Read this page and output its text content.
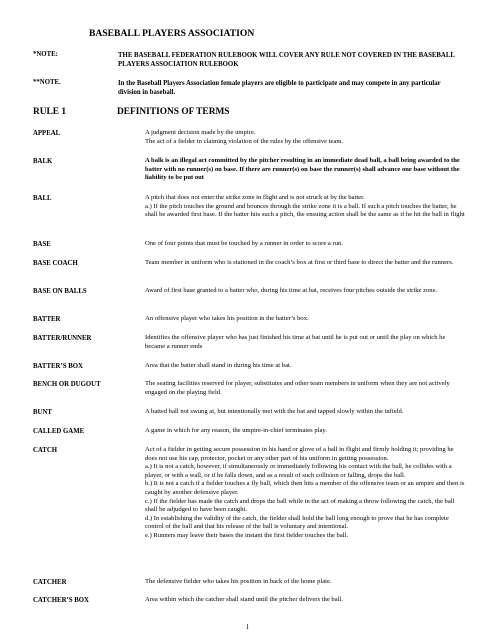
BASEBALL PLAYERS ASSOCIATION
*NOTE:	THE BASEBALL FEDERATION RULEBOOK WILL COVER ANY RULE NOT COVERED IN THE BASEBALL PLAYERS ASSOCIATION RULEBOOK
**NOTE.	In the Baseball Players Association female players are eligible to participate and may compete in any particular division in baseball.
RULE 1	DEFINITIONS OF TERMS
APPEAL	A judgment decision made by the umpire.

The act of a fielder in claiming violation of the rules by the offensive team.

BALK	A balk is an illegal act committed by the pitcher resulting in an immediate dead ball, a ball being awarded to the batter with no runner(s) on base. If there are runner(s) on base the runner(s) shall advance one base without the liability to be put out

BALL	A pitch that does not enter the strike zone in flight and is not struck at by the batter.

a.) If the pitch touches the ground and bounces through the strike zone it is a ball. If such a pitch touches the batter, he shall be awarded first base. If the batter hits such a pitch, the ensuing action shall be the same as if he hit the ball in flight

BASE	One of four points that must be touched by a runner in order to score a run.

BASE COACH	Team member in uniform who is stationed in the coach’s box at first or third base to direct the batter and the runners.

BASE ON BALLS	Award of first base granted to a batter who, during his time at bat, receives four pitches outside the strike zone.

BATTER	An offensive player who takes his position in the batter’s box.

BATTER/RUNNER	Identifies the offensive player who has just finished his time at bat until he is put out or until the play on which he became a runner ends

BATTER’S BOX	Area that the batter shall stand in during his time at bat.

BENCH OR DUGOUT	The seating facilities reserved for player, substitutes and other team members in uniform when they are not actively engaged on the playing field.

BUNT	A batted ball not swung at, but intentionally met with the bat and tapped slowly within the infield.

CALLED GAME	A game in which for any reason, the umpire-in-chief terminates play.

CATCH	Act of a fielder in getting secure possession in his hand or glove of a ball in flight and firmly holding it; providing he does not use his cap, protector, pocket or any other part of his uniform in getting possession.

a.) It is not a catch, however, if simultaneously or immediately following his contact with the ball, he collides with a player, or with a wall, or if he falls down, and as a result of such collision or falling, drops the ball.

b.) It is not a catch if a fielder touches a fly ball, which then hits a member of the offensive team or an umpire and then is caught by another defensive player.

c.) If the fielder has made the catch and drops the ball while in the act of making a throw following the catch, the ball shall be adjudged to have been caught.

d.) In establishing the validity of the catch, the fielder shall hold the ball long enough to prove that he has complete control of the ball and that his release of the ball is voluntary and intentional.

e.) Runners may leave their bases the instant the first fielder touches the ball.

CATCHER	The defensive fielder who takes his position in back of the home plate.

CATCHER’S BOX	Area within which the catcher shall stand until the pitcher delivers the ball.

1
